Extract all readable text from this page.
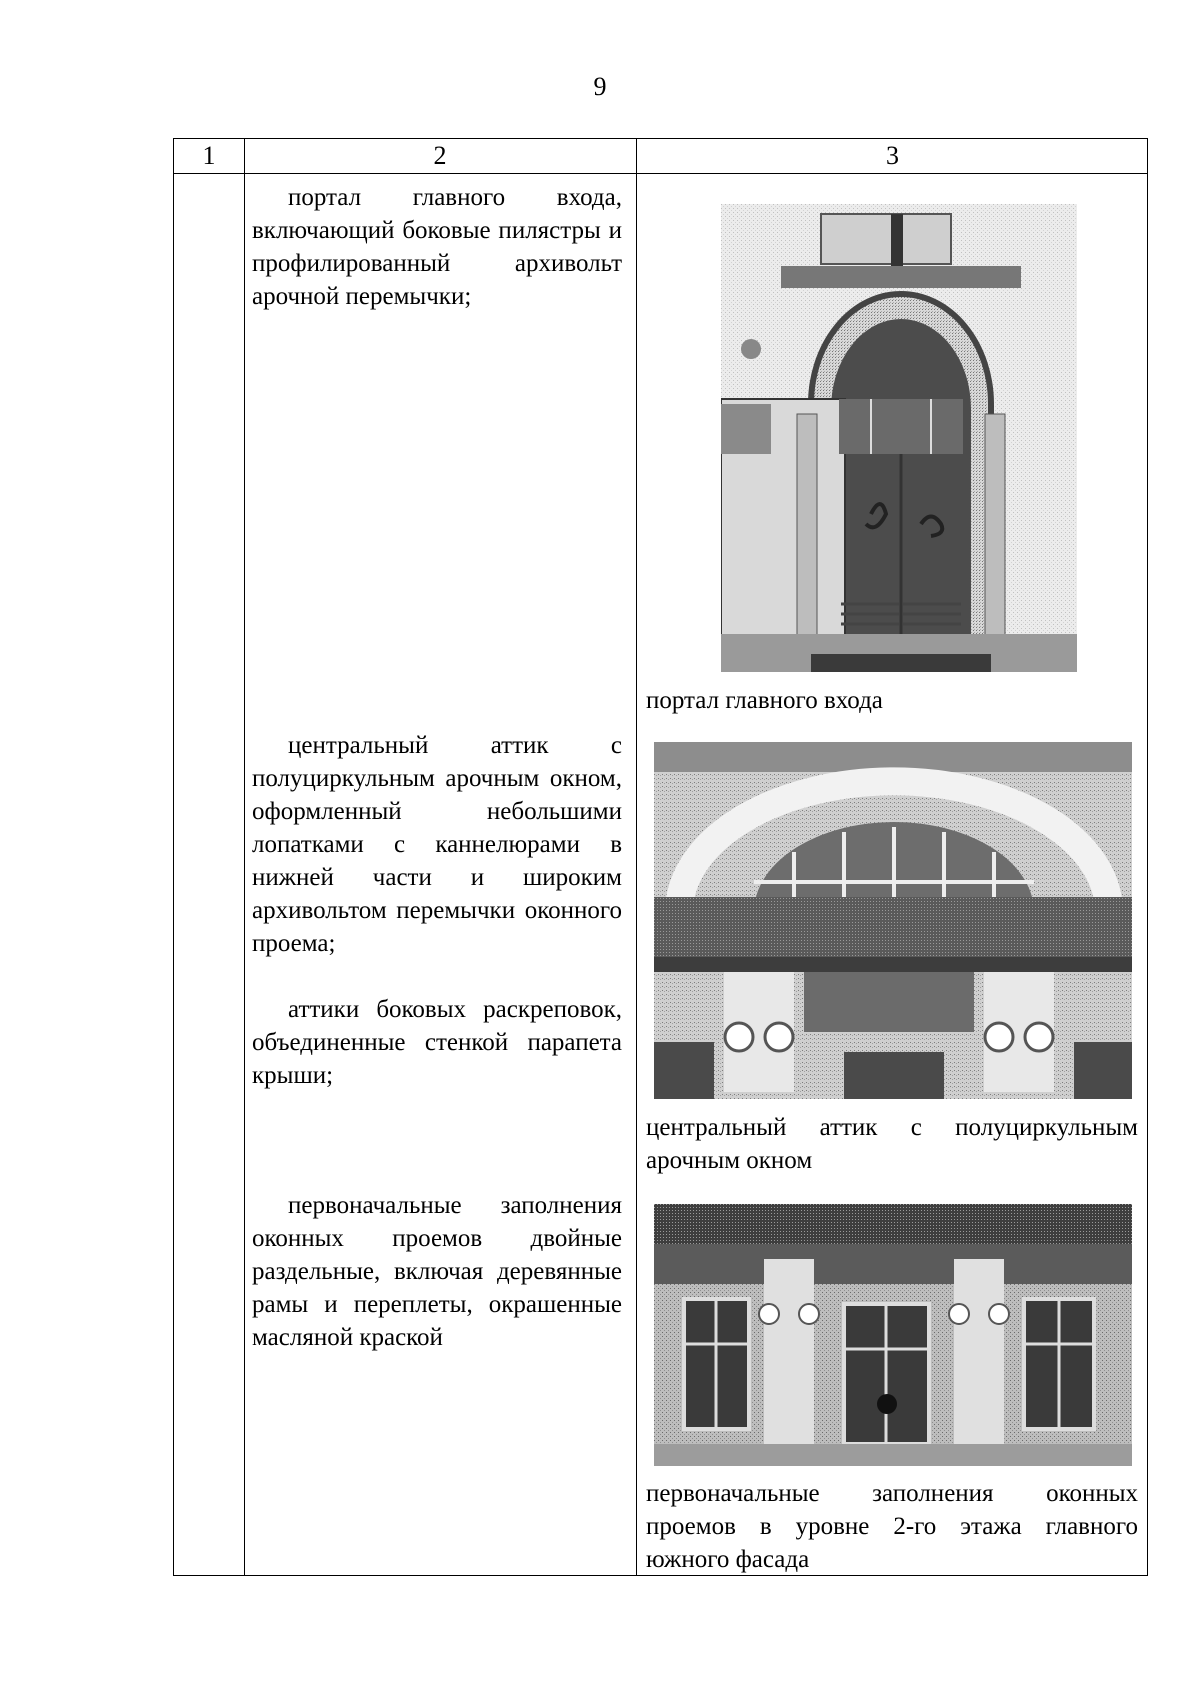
9
1	2	3

портал главного входа, включающий боковые пилястры и профилированный архивольт арочной перемычки;

портал главного входа

центральный аттик с полуциркульным арочным окном, оформленный небольшими лопатками с каннелюрами в нижней части и широким архивольтом перемычки оконного проема;

аттики боковых раскреповок, объединенные стенкой парапета крыши;

центральный аттик с полуциркульным арочным окном

первоначальные заполнения оконных проемов двойные раздельные, включая деревянные рамы и переплеты, окрашенные масляной краской

первоначальные заполнения оконных проемов в уровне 2-го этажа главного южного фасада
